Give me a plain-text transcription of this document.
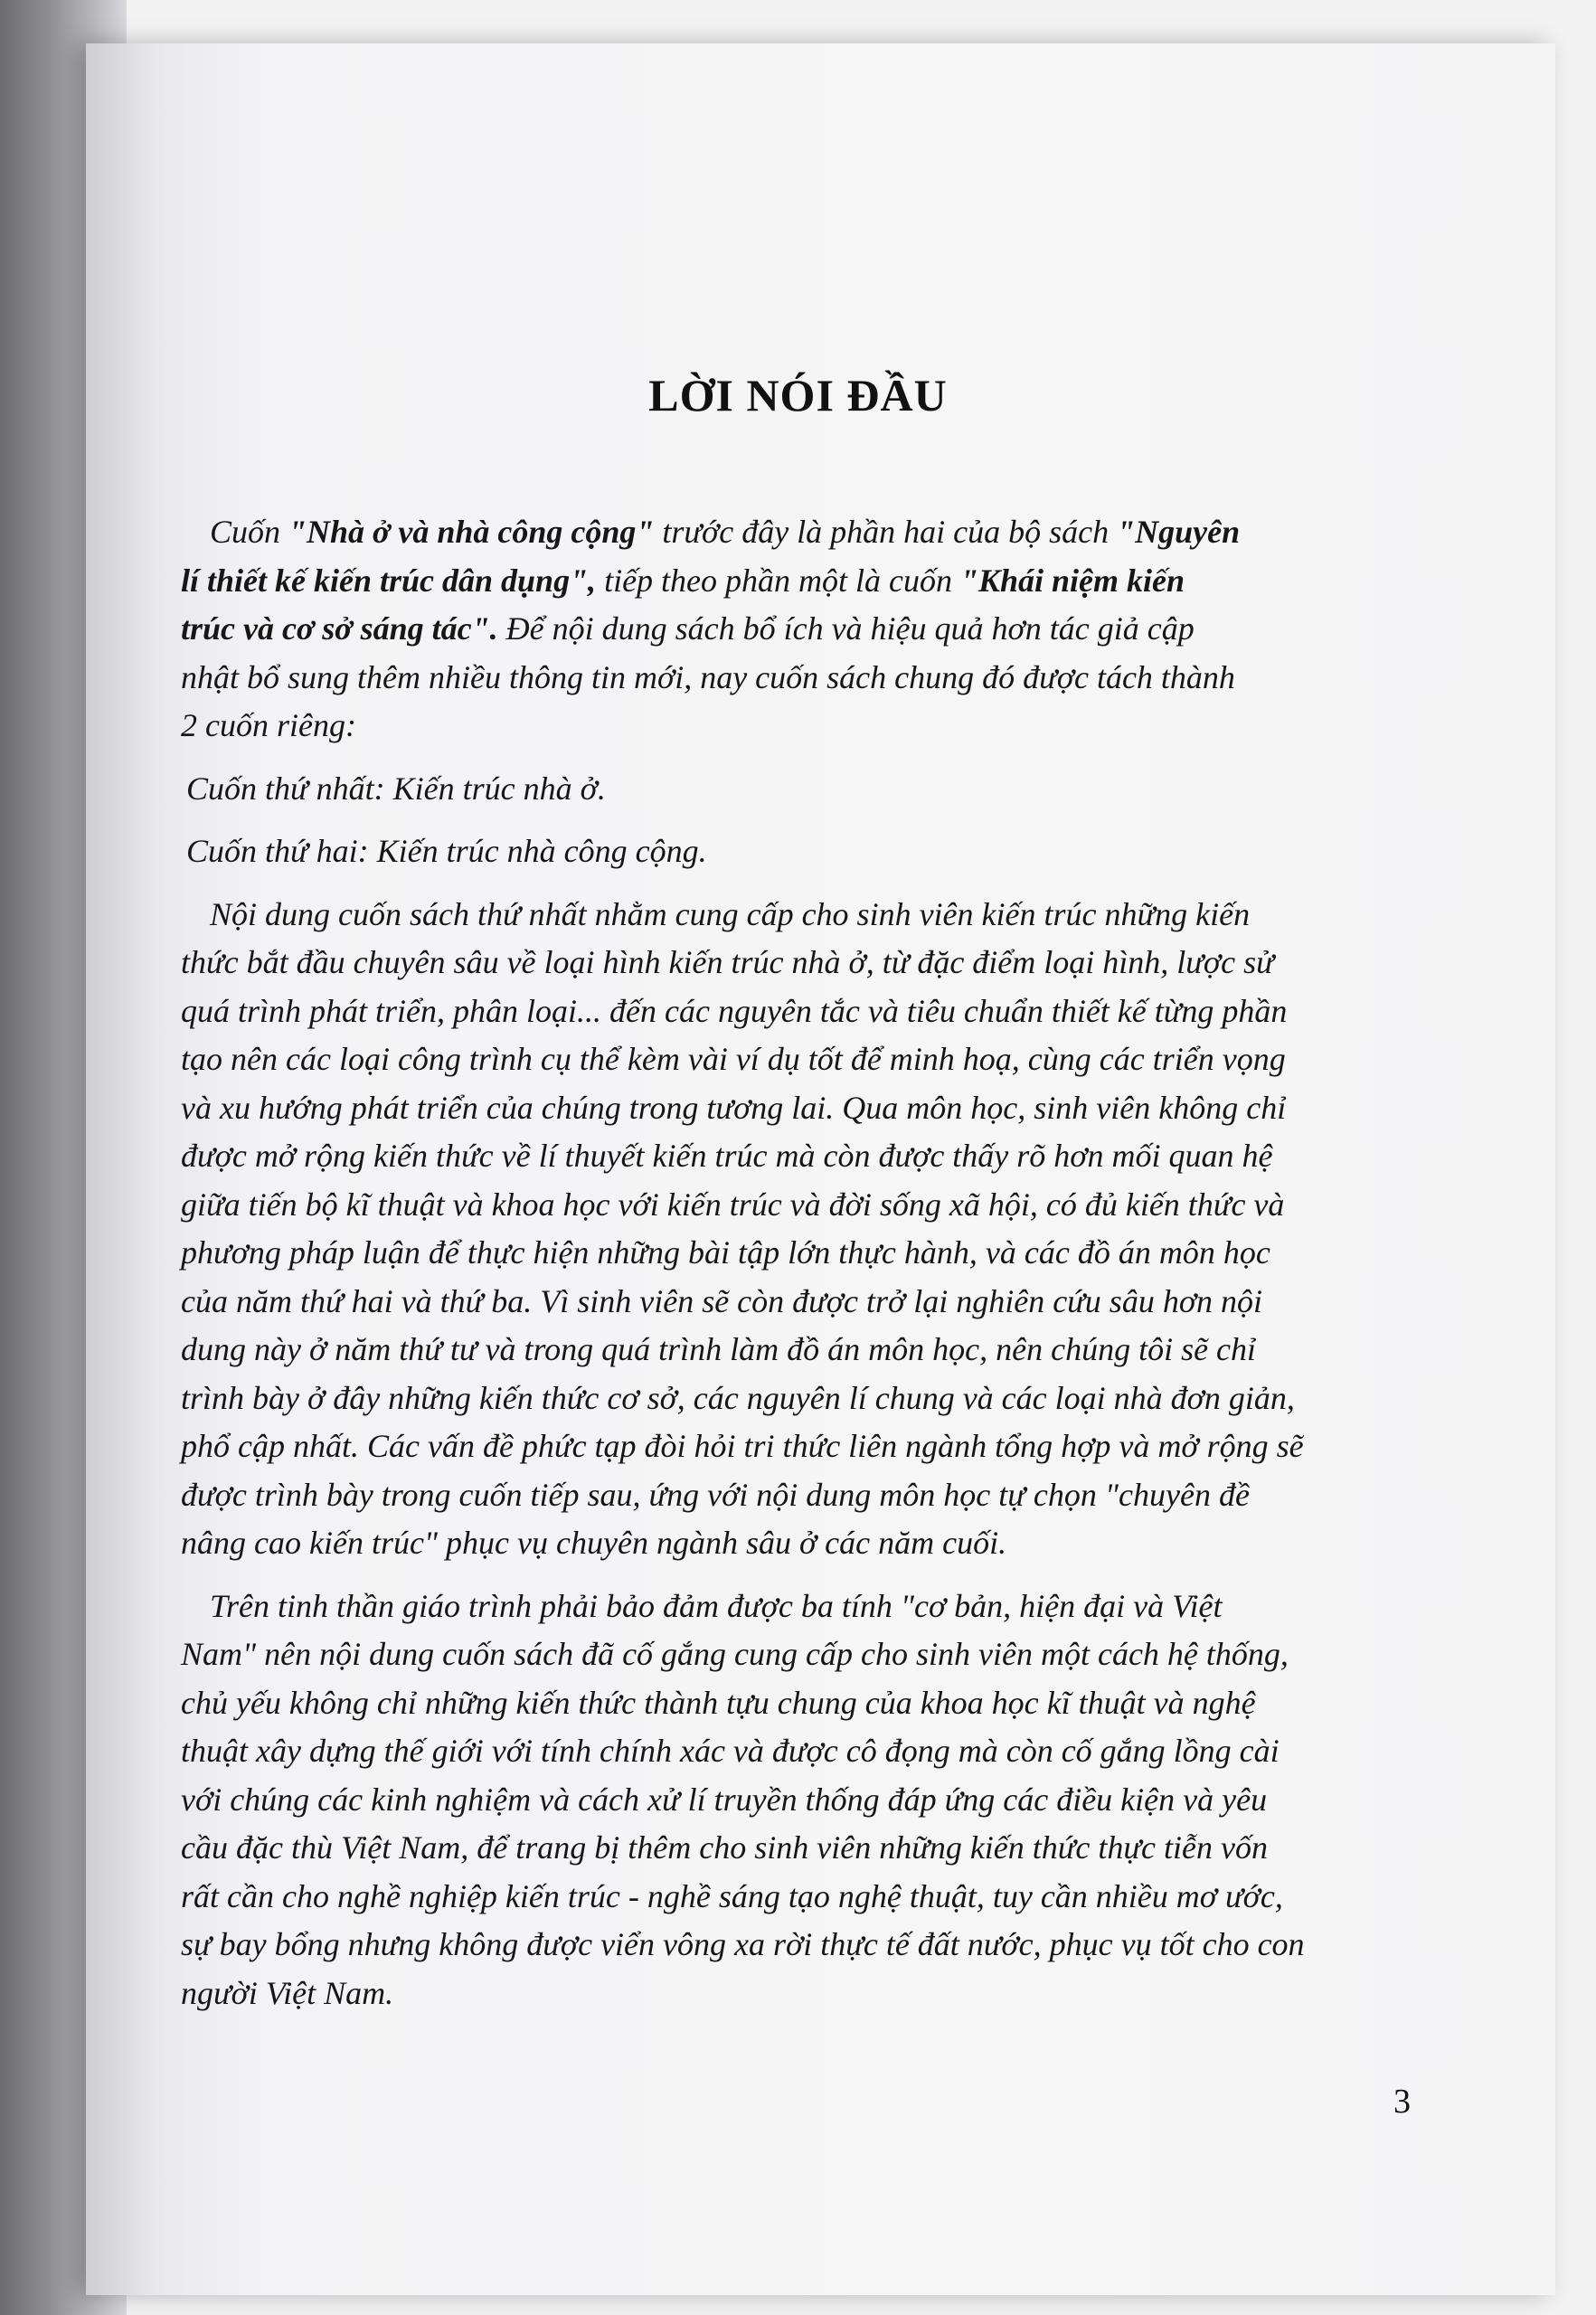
LỜI NÓI ĐẦU
Cuốn "Nhà ở và nhà công cộng" trước đây là phần hai của bộ sách "Nguyên
lí thiết kế kiến trúc dân dụng", tiếp theo phần một là cuốn "Khái niệm kiến
trúc và cơ sở sáng tác". Để nội dung sách bổ ích và hiệu quả hơn tác giả cập
nhật bổ sung thêm nhiều thông tin mới, nay cuốn sách chung đó được tách thành
2 cuốn riêng:
Cuốn thứ nhất: Kiến trúc nhà ở.
Cuốn thứ hai: Kiến trúc nhà công cộng.
Nội dung cuốn sách thứ nhất nhằm cung cấp cho sinh viên kiến trúc những kiến
thức bắt đầu chuyên sâu về loại hình kiến trúc nhà ở, từ đặc điểm loại hình, lược sử
quá trình phát triển, phân loại... đến các nguyên tắc và tiêu chuẩn thiết kế từng phần
tạo nên các loại công trình cụ thể kèm vài ví dụ tốt để minh hoạ, cùng các triển vọng
và xu hướng phát triển của chúng trong tương lai. Qua môn học, sinh viên không chỉ
được mở rộng kiến thức về lí thuyết kiến trúc mà còn được thấy rõ hơn mối quan hệ
giữa tiến bộ kĩ thuật và khoa học với kiến trúc và đời sống xã hội, có đủ kiến thức và
phương pháp luận để thực hiện những bài tập lớn thực hành, và các đồ án môn học
của năm thứ hai và thứ ba. Vì sinh viên sẽ còn được trở lại nghiên cứu sâu hơn nội
dung này ở năm thứ tư và trong quá trình làm đồ án môn học, nên chúng tôi sẽ chỉ
trình bày ở đây những kiến thức cơ sở, các nguyên lí chung và các loại nhà đơn giản,
phổ cập nhất. Các vấn đề phức tạp đòi hỏi tri thức liên ngành tổng hợp và mở rộng sẽ
được trình bày trong cuốn tiếp sau, ứng với nội dung môn học tự chọn "chuyên đề
nâng cao kiến trúc" phục vụ chuyên ngành sâu ở các năm cuối.
Trên tinh thần giáo trình phải bảo đảm được ba tính "cơ bản, hiện đại và Việt
Nam" nên nội dung cuốn sách đã cố gắng cung cấp cho sinh viên một cách hệ thống,
chủ yếu không chỉ những kiến thức thành tựu chung của khoa học kĩ thuật và nghệ
thuật xây dựng thế giới với tính chính xác và được cô đọng mà còn cố gắng lồng cài
với chúng các kinh nghiệm và cách xử lí truyền thống đáp ứng các điều kiện và yêu
cầu đặc thù Việt Nam, để trang bị thêm cho sinh viên những kiến thức thực tiễn vốn
rất cần cho nghề nghiệp kiến trúc - nghề sáng tạo nghệ thuật, tuy cần nhiều mơ ước,
sự bay bổng nhưng không được viển vông xa rời thực tế đất nước, phục vụ tốt cho con
người Việt Nam.
3
